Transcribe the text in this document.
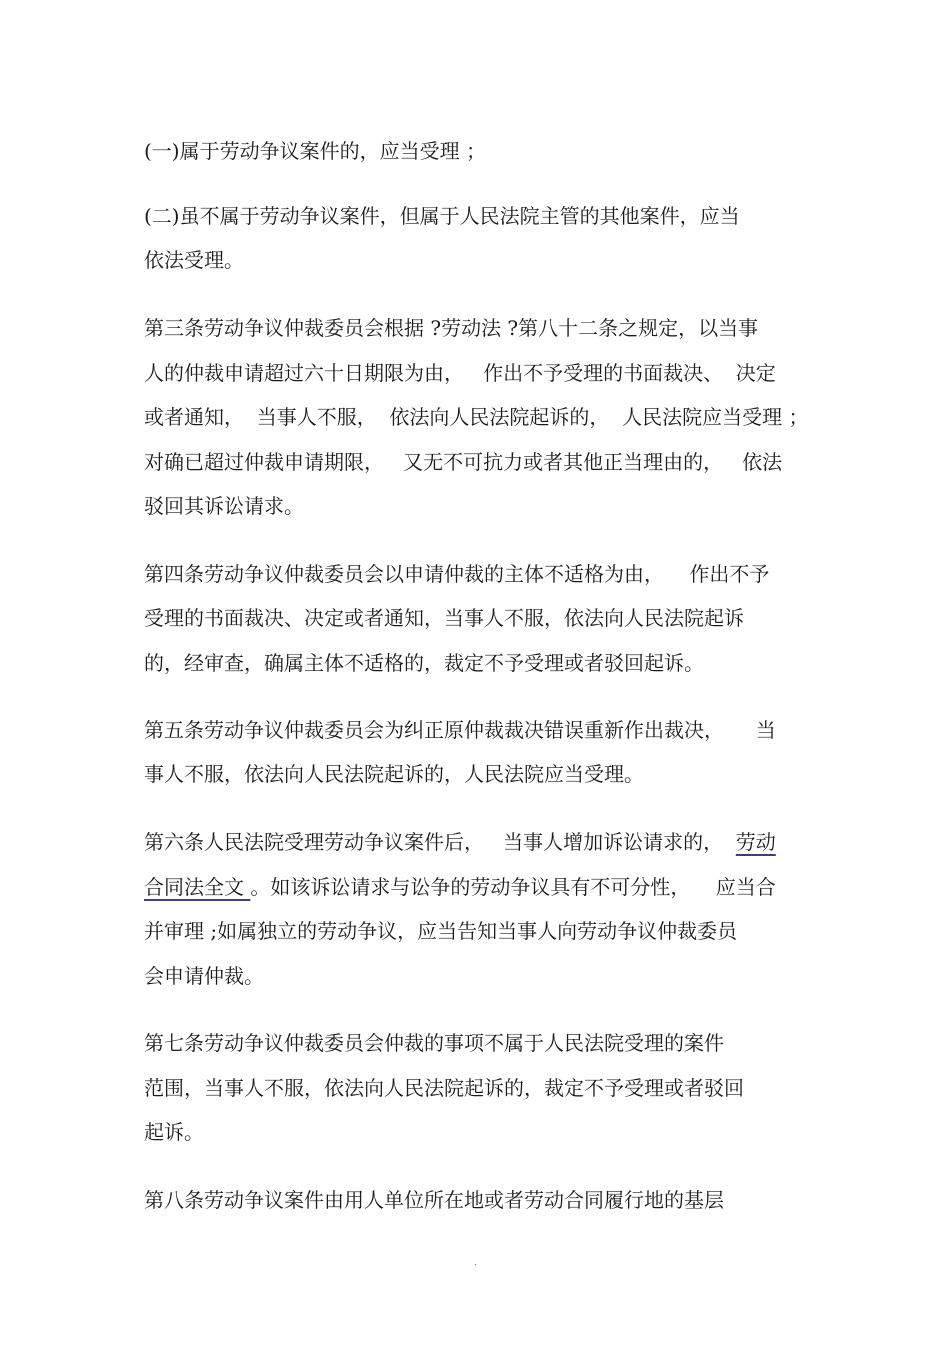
(一)属于劳动争议案件的，应当受理 ；

(二)虽不属于劳动争议案件，但属于人民法院主管的其他案件，应当

依法受理。

第三条劳动争议仲裁委员会根据 ?劳动法 ?第八十二条之规定，以当事

人的仲裁申请超过六十日期限为由，   作出不予受理的书面裁决、  决定

或者通知，  当事人不服，  依法向人民法院起诉的，  人民法院应当受理 ；

对确已超过仲裁申请期限，   又无不可抗力或者其他正当理由的，   依法

驳回其诉讼请求。

第四条劳动争议仲裁委员会以申请仲裁的主体不适格为由，    作出不予

受理的书面裁决、决定或者通知，当事人不服，依法向人民法院起诉

的，经审查，确属主体不适格的，裁定不予受理或者驳回起诉。

第五条劳动争议仲裁委员会为纠正原仲裁裁决错误重新作出裁决，     当

事人不服，依法向人民法院起诉的，人民法院应当受理。

第六条人民法院受理劳动争议案件后，   当事人增加诉讼请求的，  劳动

合同法全文 。如该诉讼请求与讼争的劳动争议具有不可分性，    应当合

并审理 ;如属独立的劳动争议，应当告知当事人向劳动争议仲裁委员

会申请仲裁。

第七条劳动争议仲裁委员会仲裁的事项不属于人民法院受理的案件

范围，当事人不服，依法向人民法院起诉的，裁定不予受理或者驳回

起诉。

第八条劳动争议案件由用人单位所在地或者劳动合同履行地的基层

.
